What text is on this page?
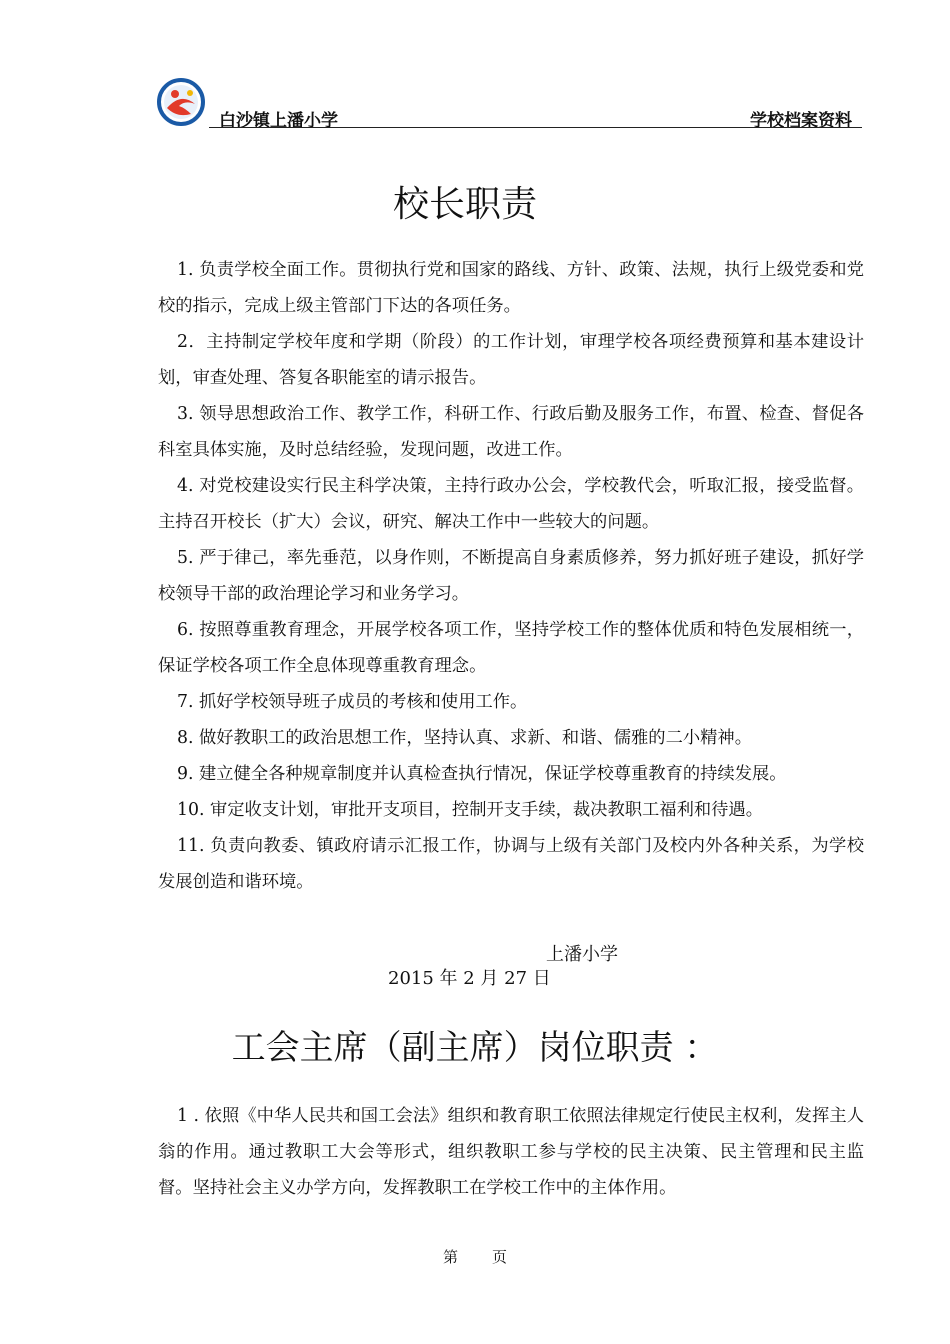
白沙镇上潘小学	学校档案资料
校长职责

1. 负责学校全面工作。贯彻执行党和国家的路线、方针、政策、法规，执行上级党委和党校的指示，完成上级主管部门下达的各项任务。

2．主持制定学校年度和学期（阶段）的工作计划，审理学校各项经费预算和基本建设计划，审查处理、答复各职能室的请示报告。

3. 领导思想政治工作、教学工作，科研工作、行政后勤及服务工作，布置、检查、督促各科室具体实施，及时总结经验，发现问题，改进工作。

4. 对党校建设实行民主科学决策，主持行政办公会，学校教代会，听取汇报，接受监督。主持召开校长（扩大）会议，研究、解决工作中一些较大的问题。

5. 严于律己，率先垂范，以身作则，不断提高自身素质修养，努力抓好班子建设，抓好学校领导干部的政治理论学习和业务学习。

6. 按照尊重教育理念，开展学校各项工作，坚持学校工作的整体优质和特色发展相统一，保证学校各项工作全息体现尊重教育理念。

7. 抓好学校领导班子成员的考核和使用工作。

8. 做好教职工的政治思想工作，坚持认真、求新、和谐、儒雅的二小精神。

9. 建立健全各种规章制度并认真检查执行情况，保证学校尊重教育的持续发展。

10. 审定收支计划，审批开支项目，控制开支手续，裁决教职工福利和待遇。

11. 负责向教委、镇政府请示汇报工作，协调与上级有关部门及校内外各种关系，为学校发展创造和谐环境。

上潘小学
2015 年 2 月 27 日
工会主席（副主席）岗位职责 ：

1 . 依照《中华人民共和国工会法》组织和教育职工依照法律规定行使民主权利，发挥主人翁的作用。通过教职工大会等形式，组织教职工参与学校的民主决策、民主管理和民主监督。坚持社会主义办学方向，发挥教职工在学校工作中的主体作用。

第 页
